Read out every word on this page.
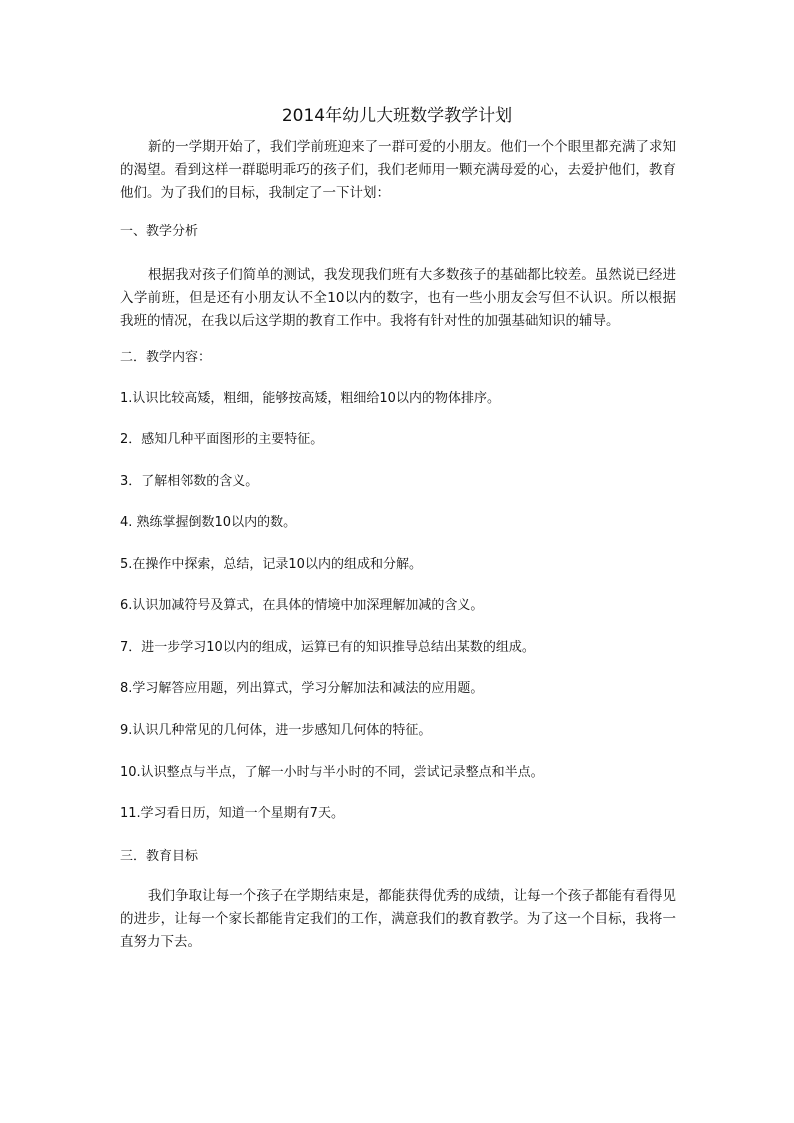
2014年幼儿大班数学教学计划
新的一学期开始了，我们学前班迎来了一群可爱的小朋友。他们一个个眼里都充满了求知的渴望。看到这样一群聪明乖巧的孩子们，我们老师用一颗充满母爱的心，去爱护他们，教育他们。为了我们的目标，我制定了一下计划：
一、教学分析
根据我对孩子们简单的测试，我发现我们班有大多数孩子的基础都比较差。虽然说已经进入学前班，但是还有小朋友认不全10以内的数字，也有一些小朋友会写但不认识。所以根据我班的情况，在我以后这学期的教育工作中。我将有针对性的加强基础知识的辅导。
二．教学内容：
1.认识比较高矮，粗细，能够按高矮，粗细给10以内的物体排序。
2．感知几种平面图形的主要特征。
3．了解相邻数的含义。
4. 熟练掌握倒数10以内的数。
5.在操作中探索，总结，记录10以内的组成和分解。
6.认识加减符号及算式，在具体的情境中加深理解加减的含义。
7．进一步学习10以内的组成，运算已有的知识推导总结出某数的组成。
8.学习解答应用题，列出算式，学习分解加法和减法的应用题。
9.认识几种常见的几何体，进一步感知几何体的特征。
10.认识整点与半点，了解一小时与半小时的不同，尝试记录整点和半点。
11.学习看日历，知道一个星期有7天。
三．教育目标
我们争取让每一个孩子在学期结束是，都能获得优秀的成绩，让每一个孩子都能有看得见的进步，让每一个家长都能肯定我们的工作，满意我们的教育教学。为了这一个目标，我将一直努力下去。
